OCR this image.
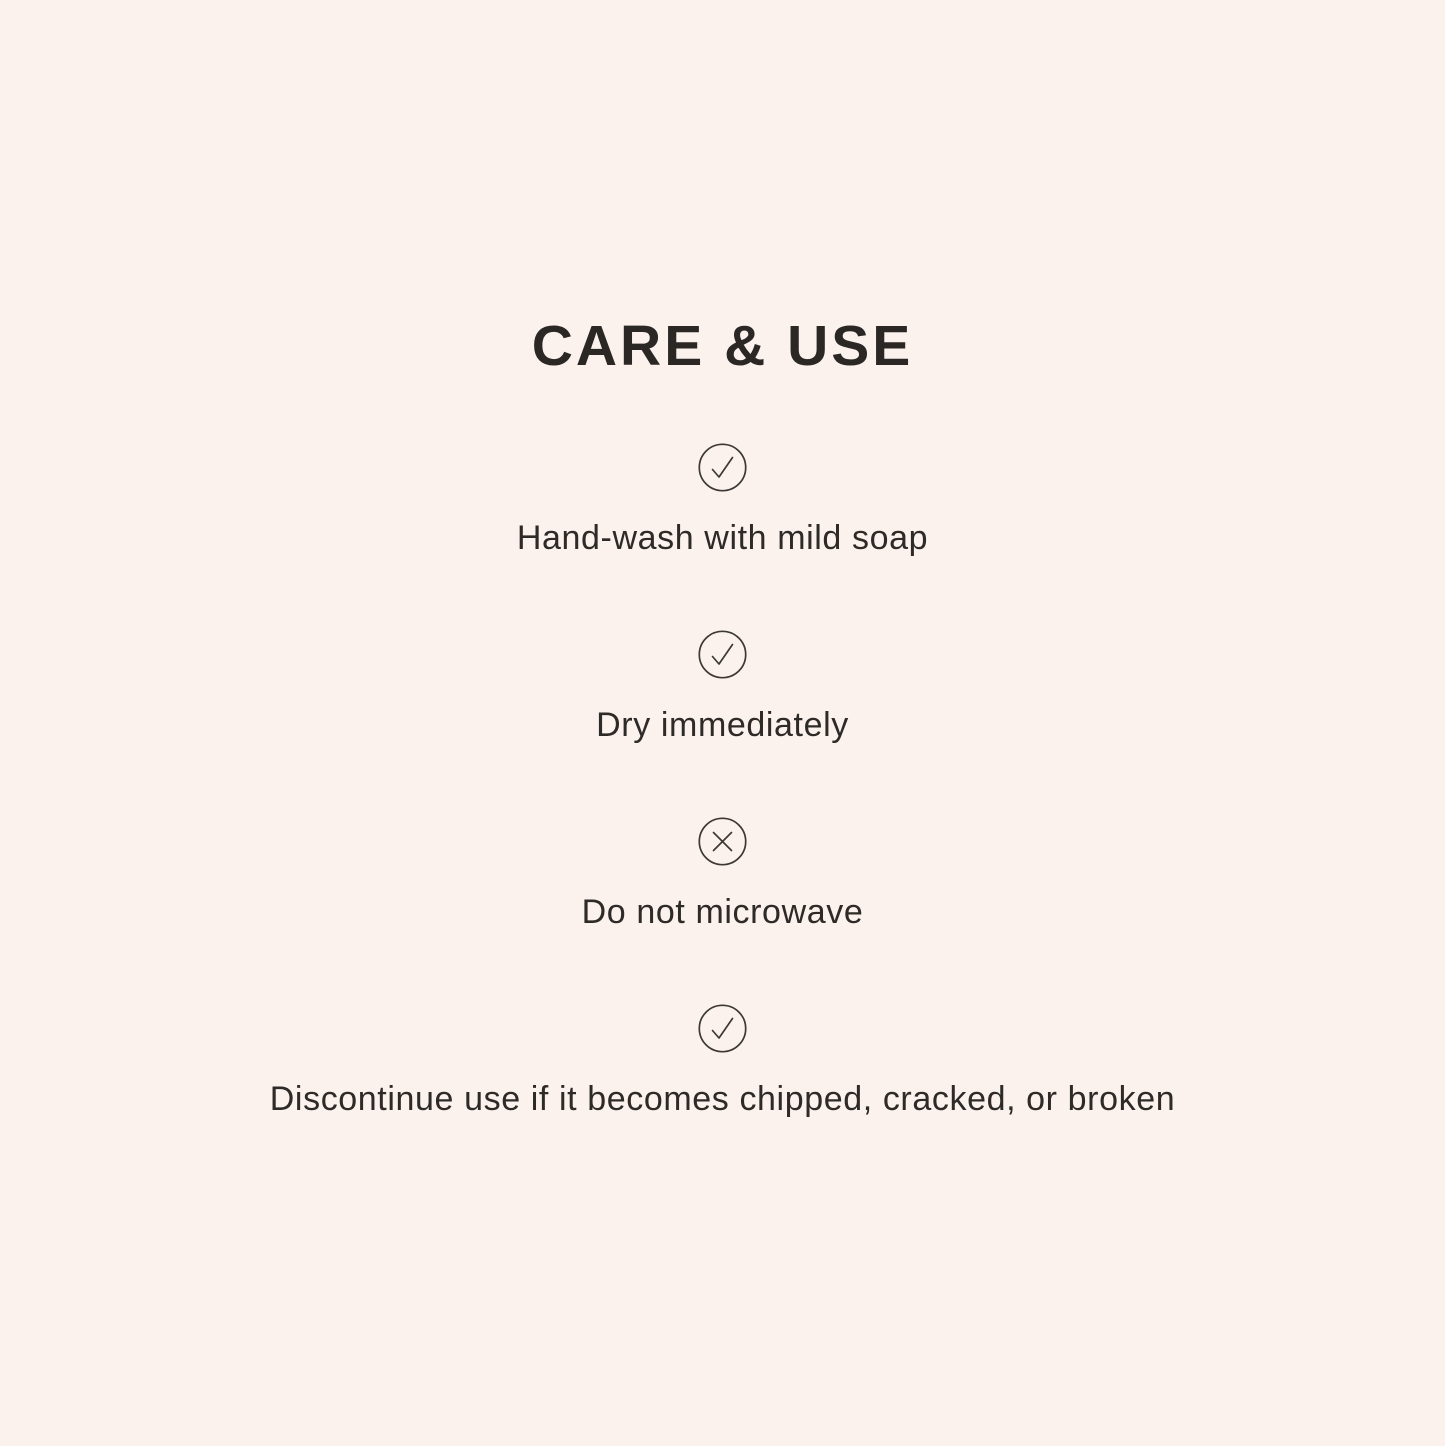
CARE & USE
Hand-wash with mild soap
Dry immediately
Do not microwave
Discontinue use if it becomes chipped, cracked, or broken
